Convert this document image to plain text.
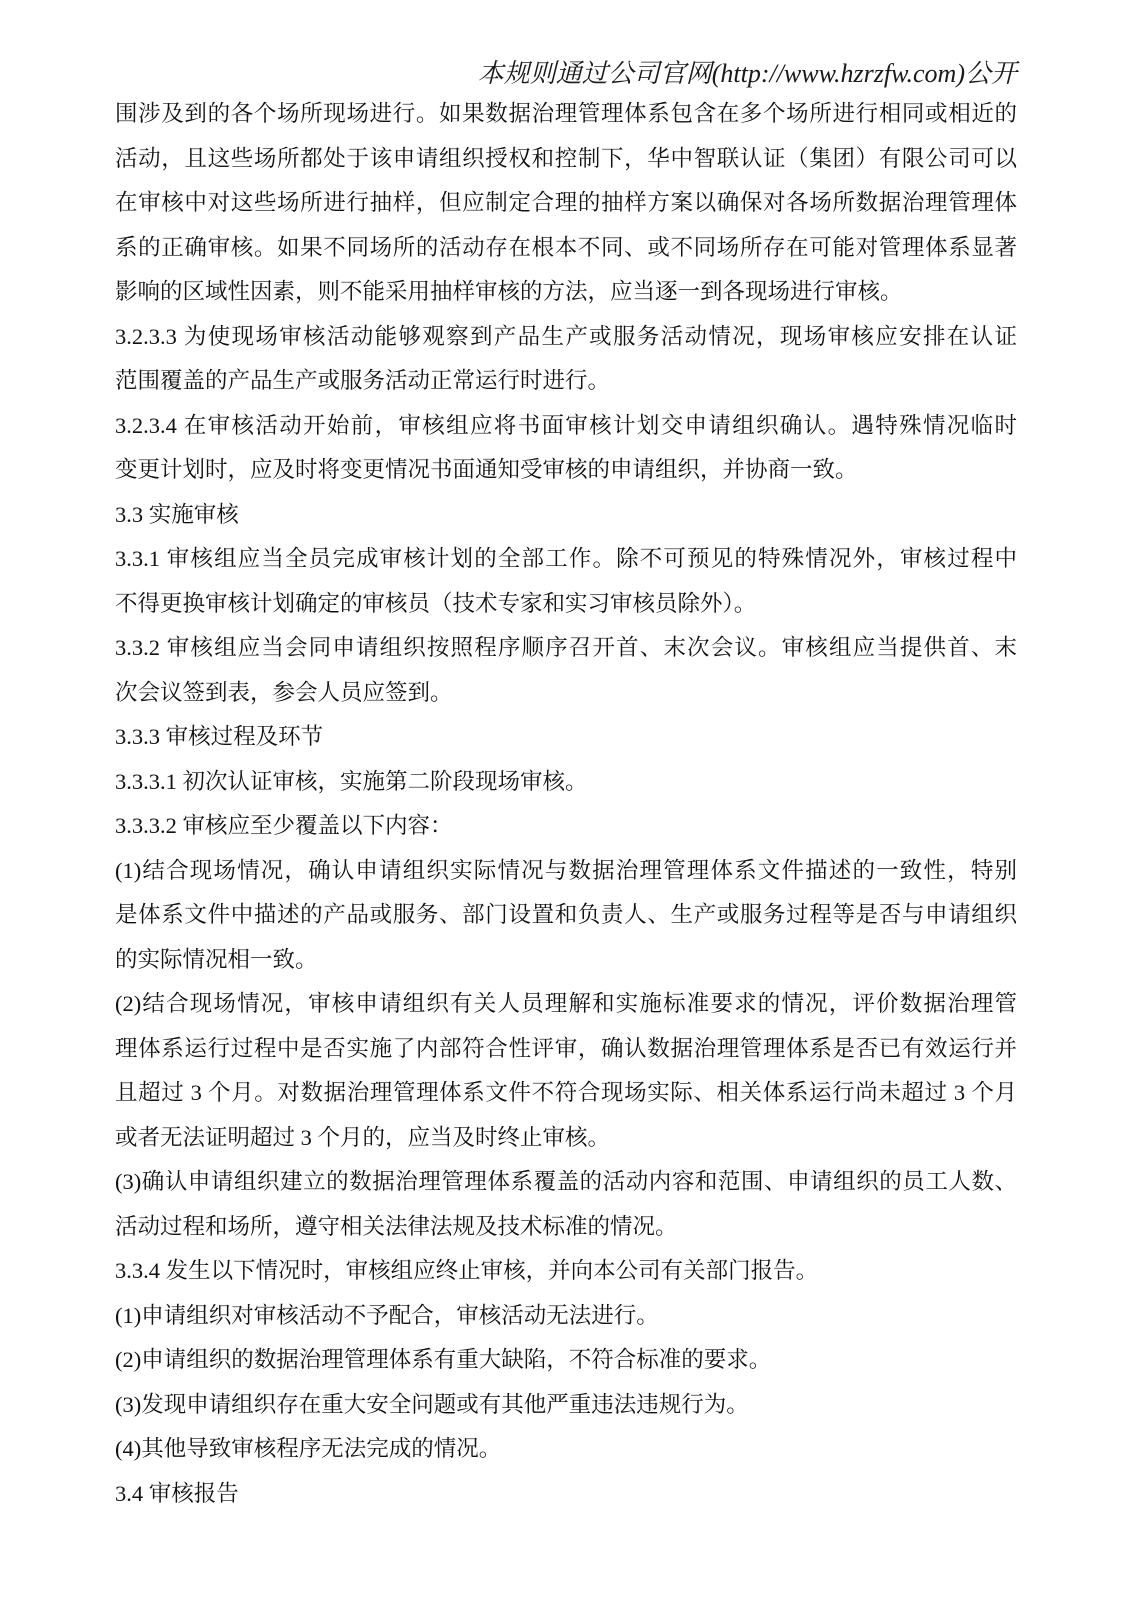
本规则通过公司官网(http://www.hzrzfw.com)公开
围涉及到的各个场所现场进行。如果数据治理管理体系包含在多个场所进行相同或相近的
活动，且这些场所都处于该申请组织授权和控制下，华中智联认证（集团）有限公司可以
在审核中对这些场所进行抽样，但应制定合理的抽样方案以确保对各场所数据治理管理体
系的正确审核。如果不同场所的活动存在根本不同、或不同场所存在可能对管理体系显著
影响的区域性因素，则不能采用抽样审核的方法，应当逐一到各现场进行审核。
3.2.3.3 为使现场审核活动能够观察到产品生产或服务活动情况，现场审核应安排在认证
范围覆盖的产品生产或服务活动正常运行时进行。
3.2.3.4 在审核活动开始前，审核组应将书面审核计划交申请组织确认。遇特殊情况临时
变更计划时，应及时将变更情况书面通知受审核的申请组织，并协商一致。
3.3 实施审核
3.3.1 审核组应当全员完成审核计划的全部工作。除不可预见的特殊情况外，审核过程中
不得更换审核计划确定的审核员（技术专家和实习审核员除外）。
3.3.2 审核组应当会同申请组织按照程序顺序召开首、末次会议。审核组应当提供首、末
次会议签到表，参会人员应签到。
3.3.3 审核过程及环节
3.3.3.1 初次认证审核，实施第二阶段现场审核。
3.3.3.2 审核应至少覆盖以下内容：
(1)结合现场情况，确认申请组织实际情况与数据治理管理体系文件描述的一致性，特别
是体系文件中描述的产品或服务、部门设置和负责人、生产或服务过程等是否与申请组织
的实际情况相一致。
(2)结合现场情况，审核申请组织有关人员理解和实施标准要求的情况，评价数据治理管
理体系运行过程中是否实施了内部符合性评审，确认数据治理管理体系是否已有效运行并
且超过 3 个月。对数据治理管理体系文件不符合现场实际、相关体系运行尚未超过 3 个月
或者无法证明超过 3 个月的，应当及时终止审核。
(3)确认申请组织建立的数据治理管理体系覆盖的活动内容和范围、申请组织的员工人数、
活动过程和场所，遵守相关法律法规及技术标准的情况。
3.3.4 发生以下情况时，审核组应终止审核，并向本公司有关部门报告。
(1)申请组织对审核活动不予配合，审核活动无法进行。
(2)申请组织的数据治理管理体系有重大缺陷，不符合标准的要求。
(3)发现申请组织存在重大安全问题或有其他严重违法违规行为。
(4)其他导致审核程序无法完成的情况。
3.4 审核报告
